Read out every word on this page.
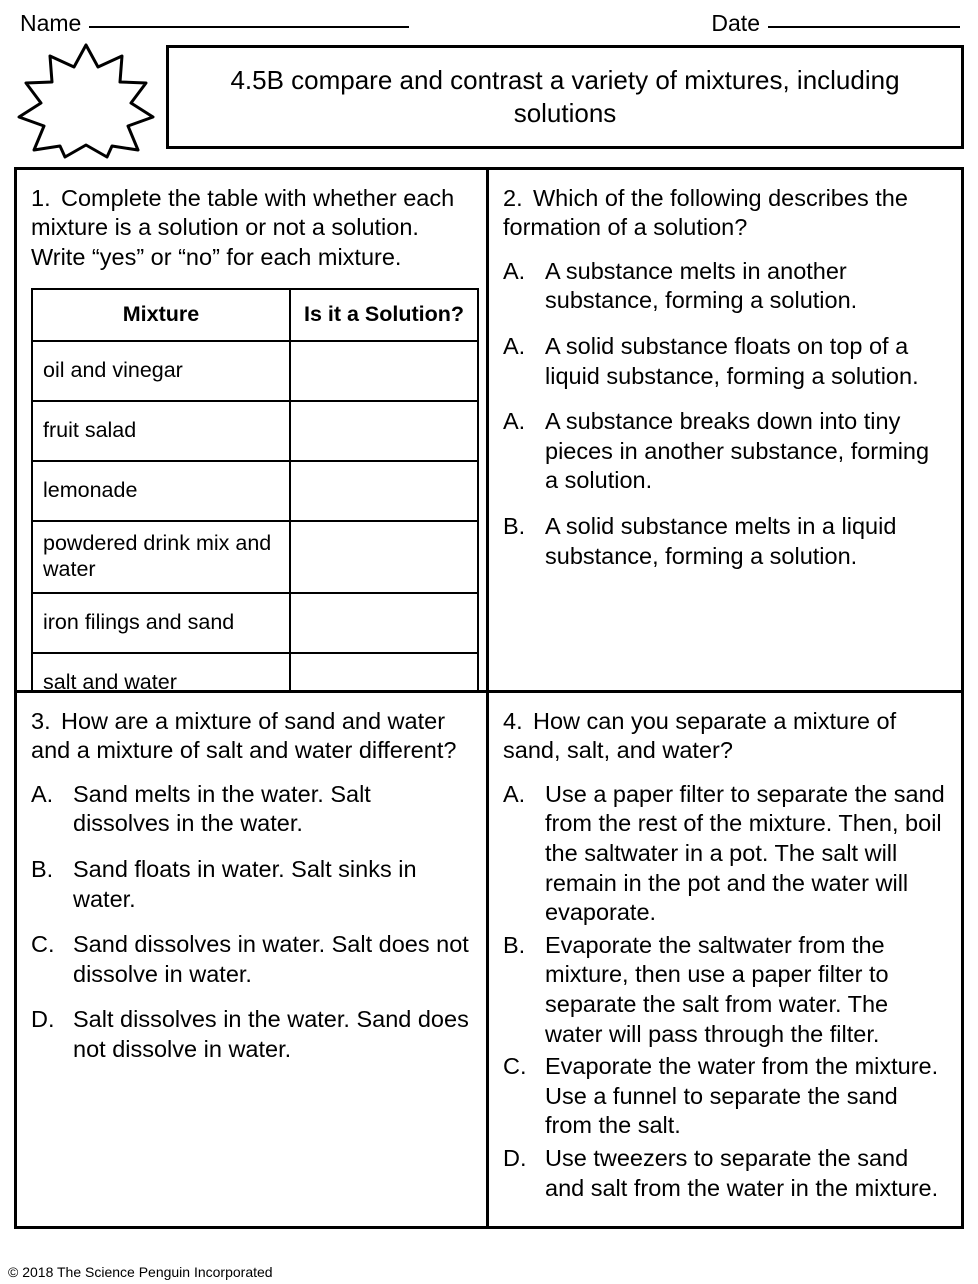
Name	Date
4.5B compare and contrast a variety of mixtures, including solutions
1. Complete the table with whether each mixture is a solution or not a solution. Write “yes” or “no” for each mixture.
Mixture	Is it a Solution?
oil and vinegar	
fruit salad	
lemonade	
powdered drink mix and water	
iron filings and sand	
salt and water	
2. Which of the following describes the formation of a solution?
A. A substance melts in another substance, forming a solution.
A. A solid substance floats on top of a liquid substance, forming a solution.
A. A substance breaks down into tiny pieces in another substance, forming a solution.
B. A solid substance melts in a liquid substance, forming a solution.
3. How are a mixture of sand and water and a mixture of salt and water different?
A. Sand melts in the water. Salt dissolves in the water.
B. Sand floats in water. Salt sinks in water.
C. Sand dissolves in water. Salt does not dissolve in water.
D. Salt dissolves in the water. Sand does not dissolve in water.
4. How can you separate a mixture of sand, salt, and water?
A. Use a paper filter to separate the sand from the rest of the mixture. Then, boil the saltwater in a pot. The salt will remain in the pot and the water will evaporate.
B. Evaporate the saltwater from the mixture, then use a paper filter to separate the salt from water. The water will pass through the filter.
C. Evaporate the water from the mixture. Use a funnel to separate the sand from the salt.
D. Use tweezers to separate the sand and salt from the water in the mixture.
© 2018 The Science Penguin Incorporated
